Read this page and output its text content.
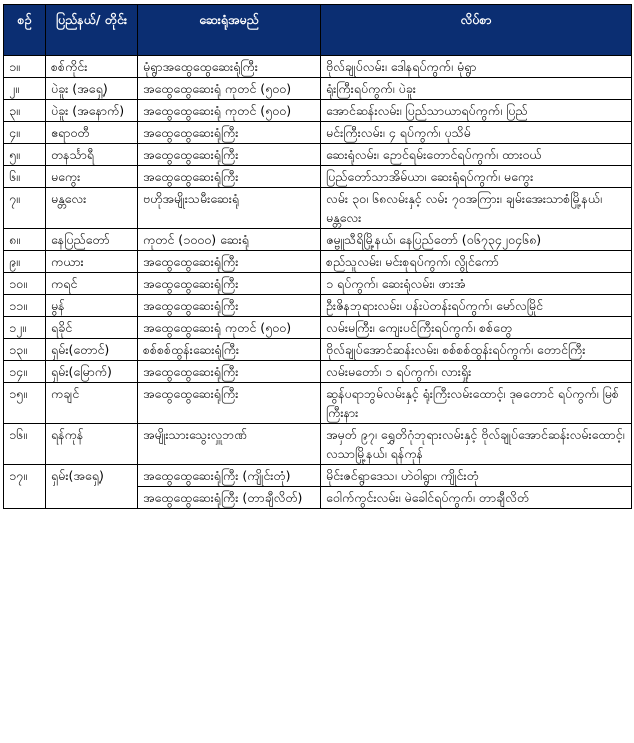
စဉ်	ပြည်နယ်/ တိုင်း	ဆေးရုံအမည်	လိပ်စာ
၁။	စစ်ကိုင်း	မုံရွာအထွေထွေဆေးရုံကြီး	ဗိုလ်ချုပ်လမ်း၊ ဒေါနရပ်ကွက်၊ မုံရွာ
၂။	ပဲခူး (အရှေ့)	အထွေထွေဆေးရုံ ကုတင် (၅၀၀)	ရုံးကြီးရပ်ကွက်၊ ပဲခူး
၃။	ပဲခူး (အနောက်)	အထွေထွေဆေးရုံ ကုတင် (၅၀၀)	အောင်ဆန်းလမ်း၊ ပြည်သာယာရပ်ကွက်၊ ပြည်
၄။	ဧရာဝတီ	အထွေထွေဆေးရုံကြီး	မင်းကြီးလမ်း၊ ၄ ရပ်ကွက်၊ ပုသိမ်
၅။	တနင်္သာရီ	အထွေထွေဆေးရုံကြီး	ဆေးရုံလမ်း၊ ဉောင်ရမ်းတောင်ရပ်ကွက်၊ ထားဝယ်
၆။	မကွေး	အထွေထွေဆေးရုံကြီး	ပြည်တော်သာအိမ်ယာ၊ ဆေးရုံရပ်ကွက်၊ မကွေး
၇။	မန္တလေး	ဗဟိုအမျိုးသမီးဆေးရုံ	လမ်း ၃၀၊ ၆၈လမ်းနှင့် လမ်း ၇၀အကြား၊ ချမ်းအေးသာစံမြို့နယ်၊ မန္တလေး
၈။	နေပြည်တော်	ကုတင် (၁၀၀၀) ဆေးရုံ	ဇမ္ဗူသီရိမြို့နယ်၊ နေပြည်တော် (၀၆၇၃၄၂၀၄၆၈)
၉။	ကယား	အထွေထွေဆေးရုံကြီး	စည်သူလမ်း၊ မင်းစုရပ်ကွက်၊ လွိုင်ကော်
၁၀။	ကရင်	အထွေထွေဆေးရုံကြီး	၁ ရပ်ကွက်၊ ဆေးရုံလမ်း၊ ဖားအံ
၁၁။	မွန်	အထွေထွေဆေးရုံကြီး	ဦးဇိနဘုရားလမ်း၊ ပန်းပဲတန်းရပ်ကွက်၊ မော်လမြိုင်
၁၂။	ရခိုင်	အထွေထွေဆေးရုံ ကုတင် (၅၀၀)	လမ်းမကြီး၊ ကျေးပင်ကြီးရပ်ကွက်၊ စစ်တွေ
၁၃။	ရှမ်း(တောင်)	စစ်စစ်ထွန်းဆေးရုံကြီး	ဗိုလ်ချုပ်အောင်ဆန်းလမ်း၊ စစ်စစ်ထွန်းရပ်ကွက်၊ တောင်ကြီး
၁၄။	ရှမ်း(မြောက်)	အထွေထွေဆေးရုံကြီး	လမ်းမတော်၊ ၁ ရပ်ကွက်၊ လားရှိုး
၁၅။	ကချင်	အထွေထွေဆေးရုံကြီး	ဆွန်ပရာဘွမ်လမ်းနှင့် ရုံးကြီးလမ်းထောင့်၊ ဒုဓတောင် ရပ်ကွက်၊ မြစ်ကြီးနား
၁၆။	ရန်ကုန်	အမျိုးသားသွေးလှူဘဏ်	အမှတ် ၉၇၊ ရွှေတိဂုံဘုရားလမ်းနှင့် ဗိုလ်ချုပ်အောင်ဆန်းလမ်းထောင့်၊ လသာမြို့နယ်၊ ရန်ကုန်
၁၇။	ရှမ်း(အရှေ့)	အထွေထွေဆေးရုံကြီး (ကျိုင်းတုံ)	မိုင်းဇင်ရွာဒေသ၊ ဟဲဝါရွာ၊ ကျိုင်းတုံ
		အထွေထွေဆေးရုံကြီး (တာချီလိတ်)	ဝေါက်ကွင်းလမ်း၊ မဲခေါင်ရပ်ကွက်၊ တာချီလိတ်
